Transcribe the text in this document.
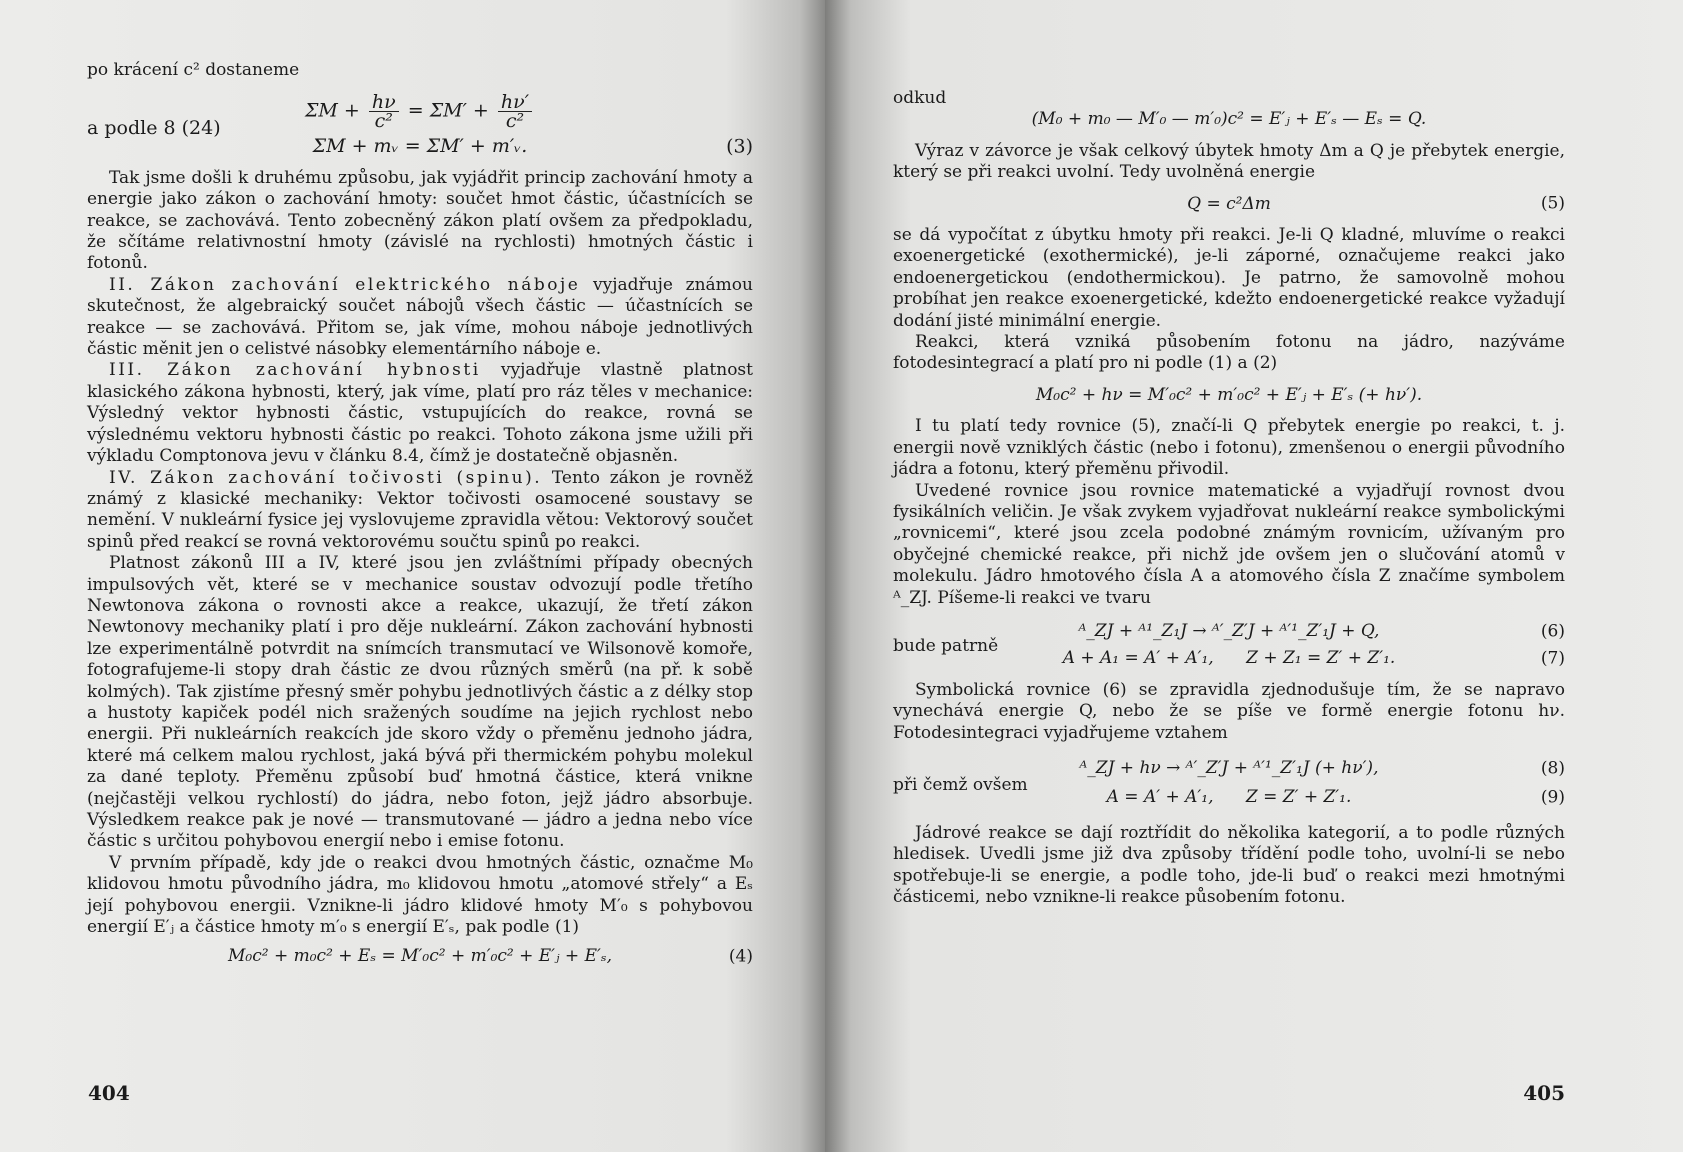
po krácení c² dostaneme

$\Sigma M + \frac{h\nu}{\text{c²}} = \Sigma M' + \frac{h\nu'}{\text{c²}}$
a podle 8 (24)
ΣM + mᵥ = ΣM′ + m′ᵥ.	(3)

Tak jsme došli k druhému způsobu, jak vyjádřit princip zachování hmoty a energie jako zákon o zachování hmoty: součet hmot částic, účastnících se reakce, se zachovává. Tento zobecněný zákon platí ovšem za předpokladu, že sčítáme relativnostní hmoty (závislé na rychlosti) hmotných částic i fotonů.

II. Zákon zachování elektrického náboje vyjadřuje známou skutečnost, že algebraický součet nábojů všech částic — účastnících se reakce — se zachovává. Přitom se, jak víme, mohou náboje jednotlivých částic měnit jen o celistvé násobky elementárního náboje e.

III. Zákon zachování hybnosti vyjadřuje vlastně platnost klasického zákona hybnosti, který, jak víme, platí pro ráz těles v mechanice: Výsledný vektor hybnosti částic, vstupujících do reakce, rovná se výslednému vektoru hybnosti částic po reakci. Tohoto zákona jsme užili při výkladu Comptonova jevu v článku 8.4, čímž je dostatečně objasněn.

IV. Zákon zachování točivosti (spinu). Tento zákon je rovněž známý z klasické mechaniky: Vektor točivosti osamocené soustavy se nemění. V nukleární fysice jej vyslovujeme zpravidla větou: Vektorový součet spinů před reakcí se rovná vektorovému součtu spinů po reakci.

Platnost zákonů III a IV, které jsou jen zvláštními případy obecných impulsových vět, které se v mechanice soustav odvozují podle třetího Newtonova zákona o rovnosti akce a reakce, ukazují, že třetí zákon Newtonovy mechaniky platí i pro děje nukleární. Zákon zachování hybnosti lze experimentálně potvrdit na snímcích transmutací ve Wilsonově komoře, fotografujeme-li stopy drah částic ze dvou různých směrů (na př. k sobě kolmých). Tak zjistíme přesný směr pohybu jednotlivých částic a z délky stop a hustoty kapiček podél nich sražených soudíme na jejich rychlost nebo energii. Při nukleárních reakcích jde skoro vždy o přeměnu jednoho jádra, které má celkem malou rychlost, jaká bývá při thermickém pohybu molekul za dané teploty. Přeměnu způsobí buď hmotná částice, která vnikne (nejčastěji velkou rychlostí) do jádra, nebo foton, jejž jádro absorbuje. Výsledkem reakce pak je nové — transmutované — jádro a jedna nebo více částic s určitou pohybovou energií nebo i emise fotonu.

V prvním případě, kdy jde o reakci dvou hmotných částic, označme M₀ klidovou hmotu původního jádra, m₀ klidovou hmotu „atomové střely“ a Eₛ její pohybovou energii. Vznikne-li jádro klidové hmoty M′₀ s pohybovou energií E′ⱼ a částice hmoty m′₀ s energií E′ₛ, pak podle (1)

M₀c² + m₀c² + Eₛ = M′₀c² + m′₀c² + E′ⱼ + E′ₛ,	(4)
404

odkud

(M₀ + m₀ — M′₀ — m′₀)c² = E′ⱼ + E′ₛ — Eₛ = Q.

Výraz v závorce je však celkový úbytek hmoty Δm a Q je přebytek energie, který se při reakci uvolní. Tedy uvolněná energie

Q = c²Δm	(5)

se dá vypočítat z úbytku hmoty při reakci. Je-li Q kladné, mluvíme o reakci exoenergetické (exothermické), je-li záporné, označujeme reakci jako endoenergetickou (endothermickou). Je patrno, že samovolně mohou probíhat jen reakce exoenergetické, kdežto endoenergetické reakce vyžadují dodání jisté minimální energie.

Reakci, která vzniká působením fotonu na jádro, nazýváme fotodesintegrací a platí pro ni podle (1) a (2)

M₀c² + hν = M′₀c² + m′₀c² + E′ⱼ + E′ₛ (+ hν′).

I tu platí tedy rovnice (5), značí-li Q přebytek energie po reakci, t. j. energii nově vzniklých částic (nebo i fotonu), zmenšenou o energii původního jádra a fotonu, který přeměnu přivodil.

Uvedené rovnice jsou rovnice matematické a vyjadřují rovnost dvou fysikálních veličin. Je však zvykem vyjadřovat nukleární reakce symbolickými „rovnicemi“, které jsou zcela podobné známým rovnicím, užívaným pro obyčejné chemické reakce, při nichž jde ovšem jen o slučování atomů v molekulu. Jádro hmotového čísla A a atomového čísla Z značíme symbolem ᴬ_ZJ. Píšeme-li reakci ve tvaru

ᴬ_ZJ + ᴬ¹_Z₁J → ᴬ′_Z′J + ᴬ′¹_Z′₁J + Q,	(6)
bude patrně
A + A₁ = A′ + A′₁,      Z + Z₁ = Z′ + Z′₁.	(7)

Symbolická rovnice (6) se zpravidla zjednodušuje tím, že se napravo vynechává energie Q, nebo že se píše ve formě energie fotonu hν. Fotodesintegraci vyjadřujeme vztahem

ᴬ_ZJ + hν → ᴬ′_Z′J + ᴬ′¹_Z′₁J (+ hν′),	(8)
při čemž ovšem
A = A′ + A′₁,      Z = Z′ + Z′₁.	(9)

Jádrové reakce se dají roztřídit do několika kategorií, a to podle různých hledisek. Uvedli jsme již dva způsoby třídění podle toho, uvolní-li se nebo spotřebuje-li se energie, a podle toho, jde-li buď o reakci mezi hmotnými částicemi, nebo vznikne-li reakce působením fotonu.

405
